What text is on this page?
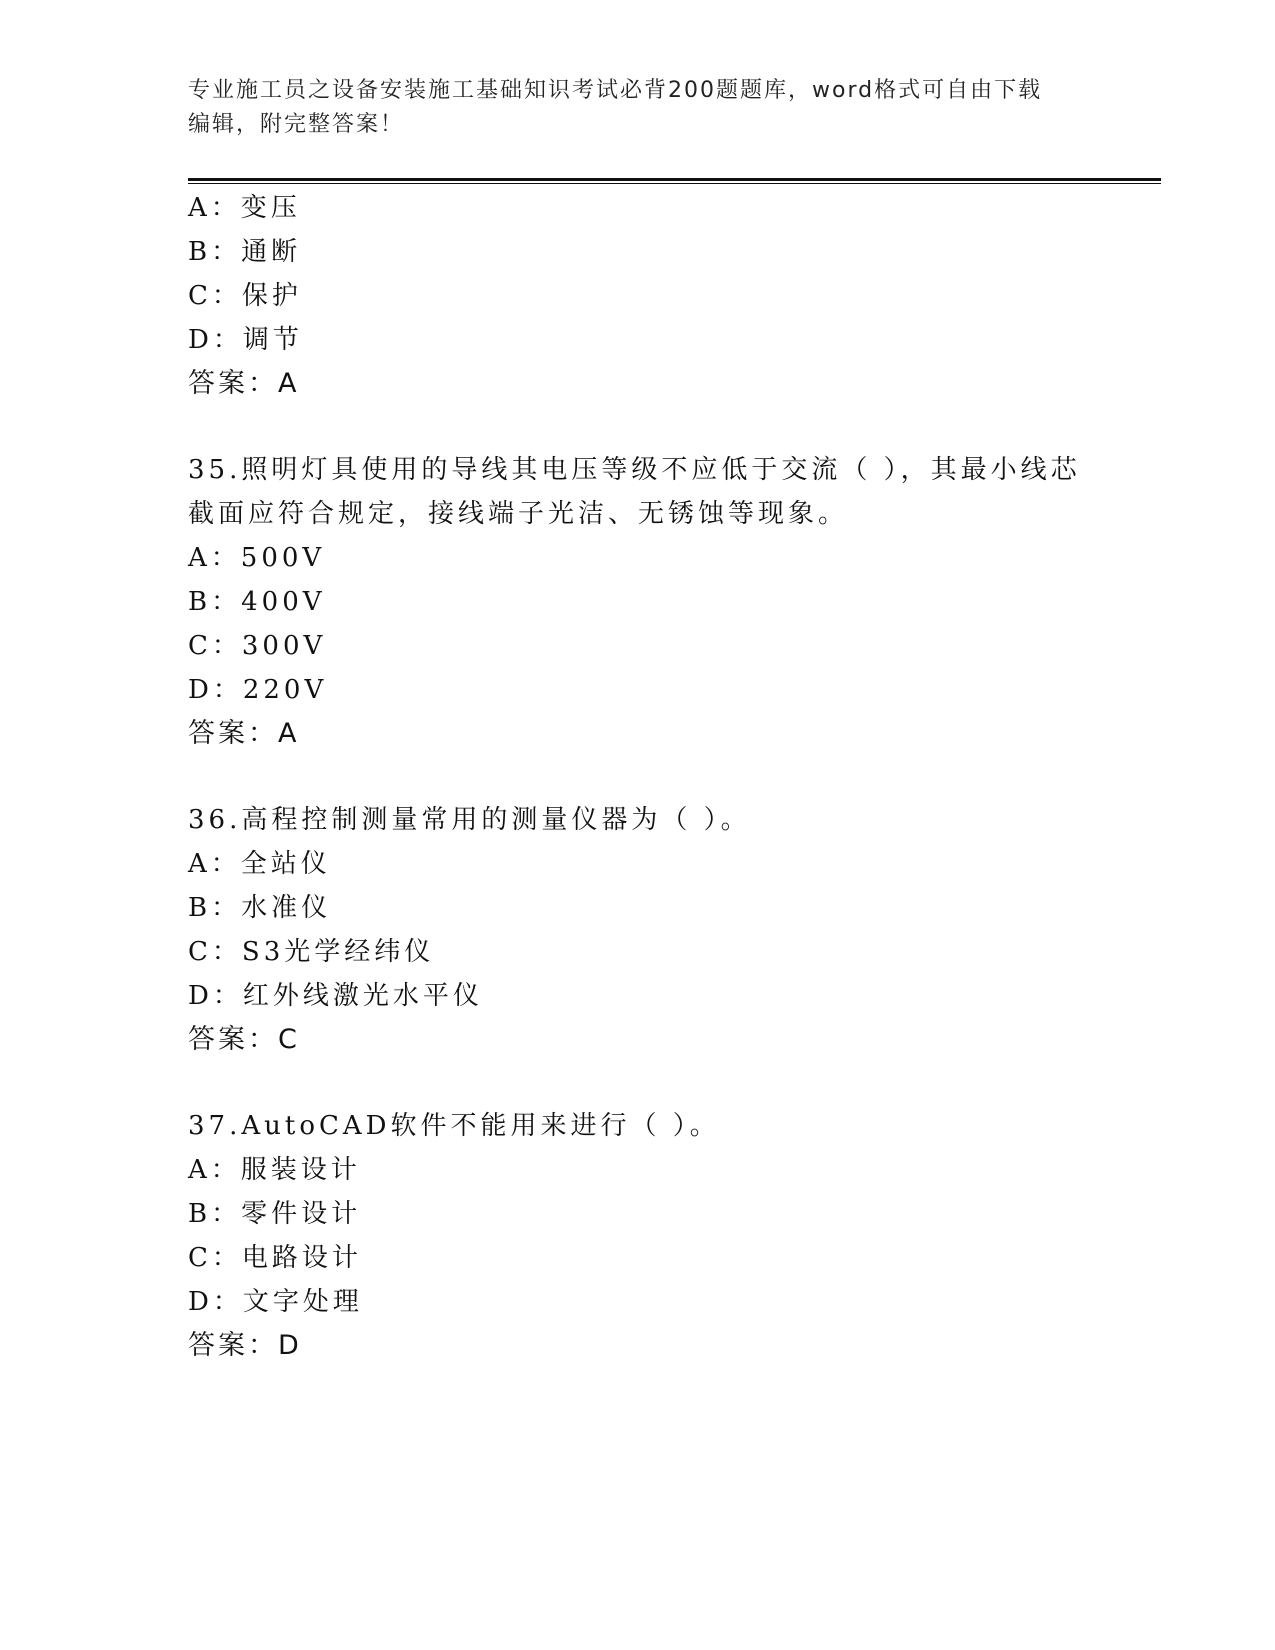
专业施工员之设备安装施工基础知识考试必背200题题库，word格式可自由下载
编辑，附完整答案！
A：变压
B：通断
C：保护
D：调节
答案：A
35.照明灯具使用的导线其电压等级不应低于交流（ ），其最小线芯
截面应符合规定，接线端子光洁、无锈蚀等现象。
A：500V
B：400V
C：300V
D：220V
答案：A
36.高程控制测量常用的测量仪器为（ ）。
A：全站仪
B：水准仪
C：S3光学经纬仪
D：红外线激光水平仪
答案：C
37.AutoCAD软件不能用来进行（ ）。
A：服装设计
B：零件设计
C：电路设计
D：文字处理
答案：D
